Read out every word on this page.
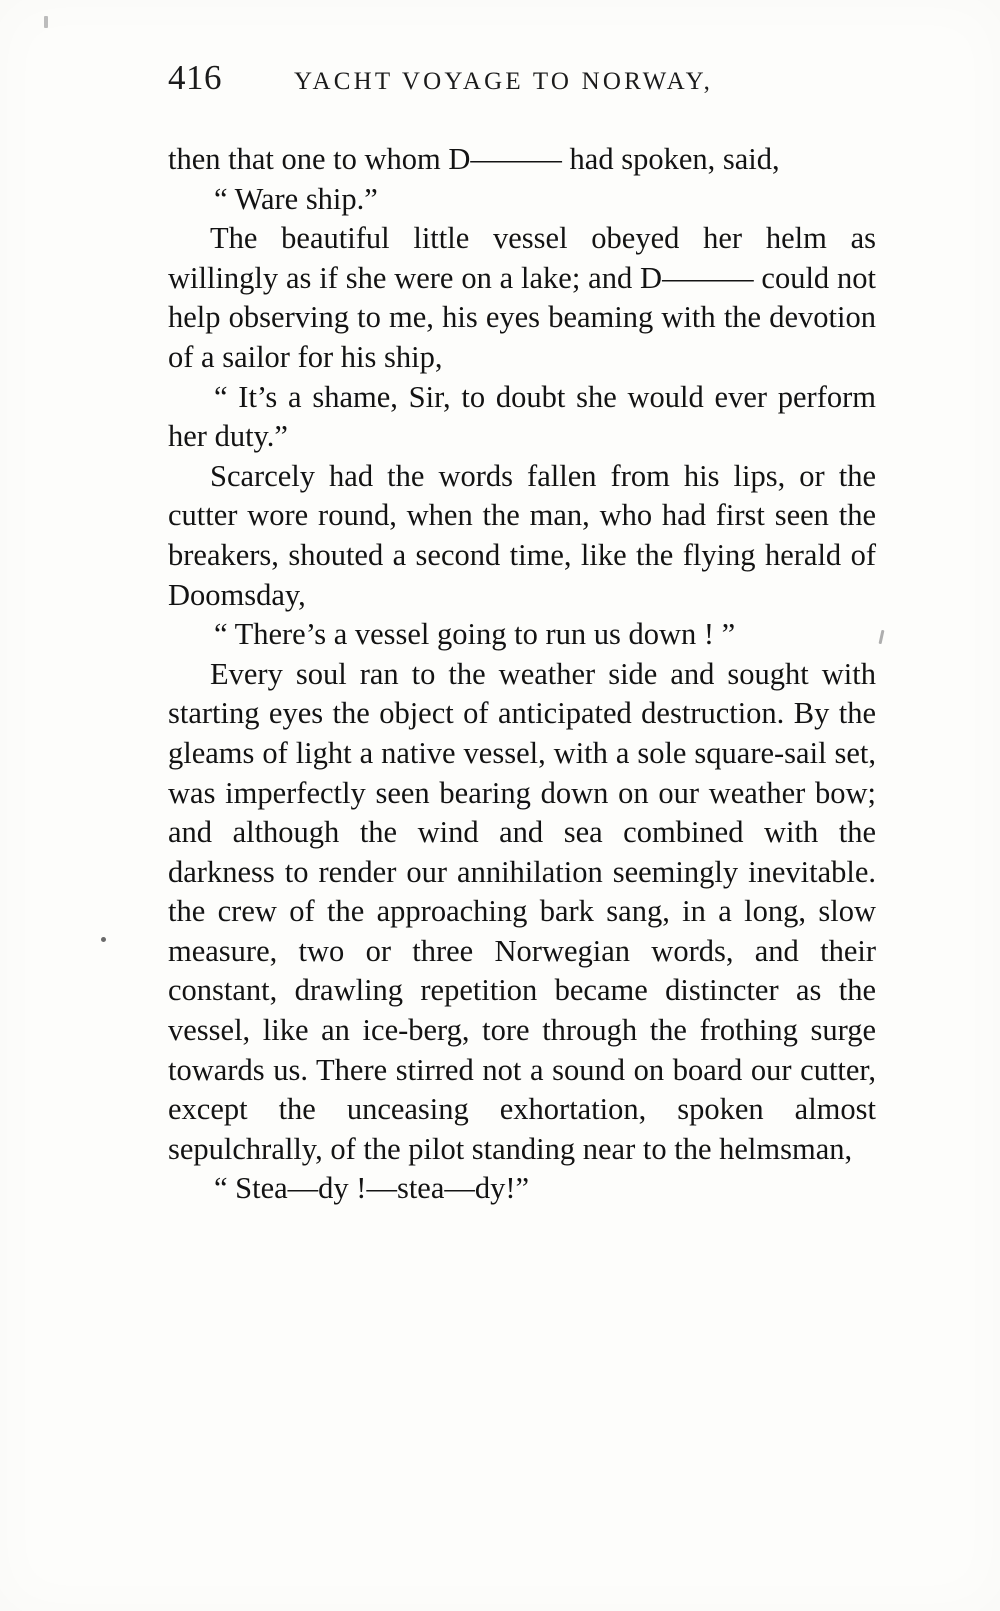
416	YACHT VOYAGE TO NORWAY,

then that one to whom D——— had spoken, said,

“ Ware ship.”

The beautiful little vessel obeyed her helm as willingly as if she were on a lake; and D——— could not help observing to me, his eyes beaming with the devotion of a sailor for his ship,

“ It’s a shame, Sir, to doubt she would ever perform her duty.”

Scarcely had the words fallen from his lips, or the cutter wore round, when the man, who had first seen the breakers, shouted a second time, like the flying herald of Doomsday,

“ There’s a vessel going to run us down ! ”

Every soul ran to the weather side and sought with starting eyes the object of anticipated destruction. By the gleams of light a native vessel, with a sole square-sail set, was imperfectly seen bearing down on our weather bow; and although the wind and sea combined with the darkness to render our annihilation seemingly inevitable. the crew of the approaching bark sang, in a long, slow measure, two or three Norwegian words, and their constant, drawling repetition became distincter as the vessel, like an ice-berg, tore through the frothing surge towards us. There stirred not a sound on board our cutter, except the unceasing exhortation, spoken almost sepulchrally, of the pilot standing near to the helmsman,

“ Stea—dy !—stea—dy!”
